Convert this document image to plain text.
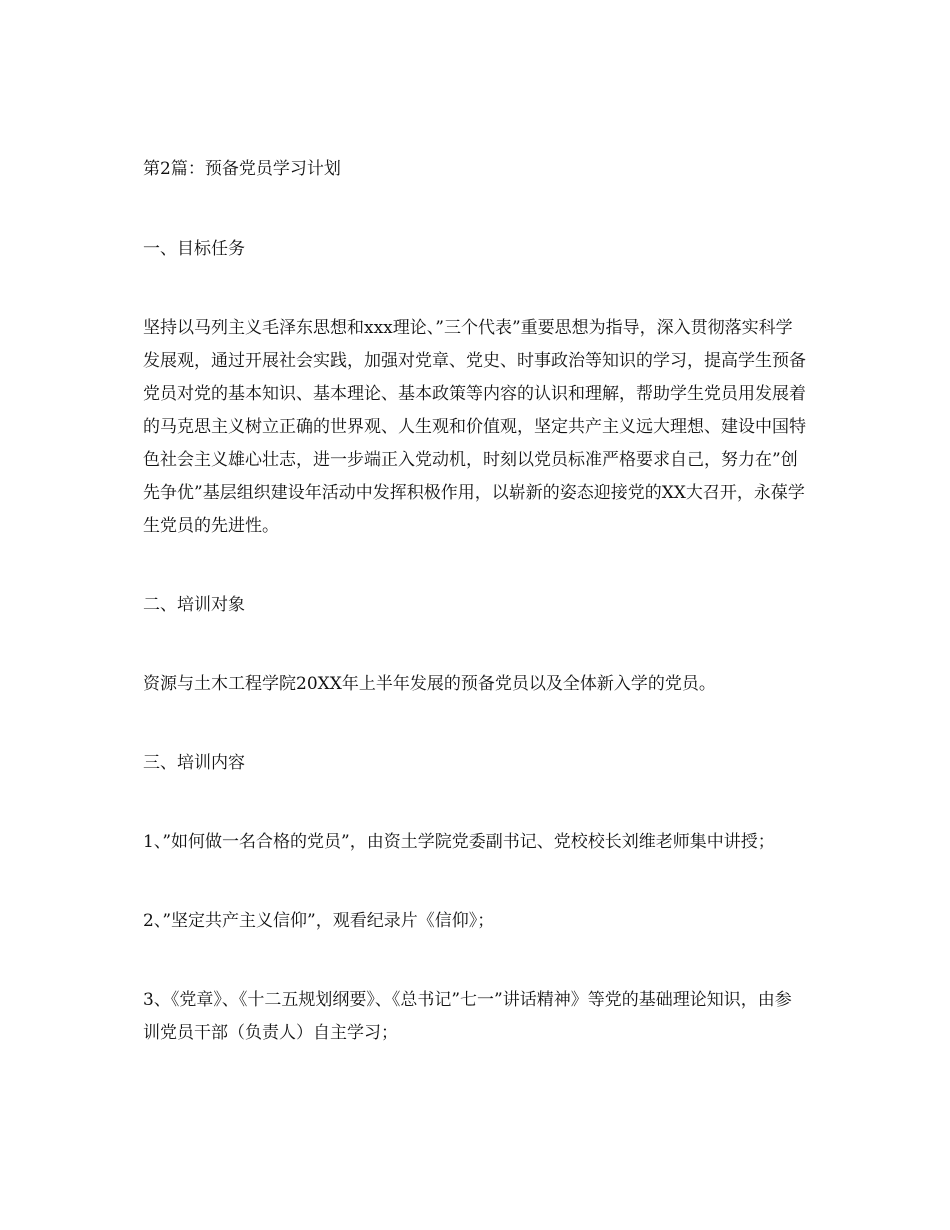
第2篇：预备党员学习计划

一、目标任务

坚持以马列主义毛泽东思想和xxx理论、”三个代表”重要思想为指导，深入贯彻落实科学发展观，通过开展社会实践，加强对党章、党史、时事政治等知识的学习，提高学生预备党员对党的基本知识、基本理论、基本政策等内容的认识和理解，帮助学生党员用发展着的马克思主义树立正确的世界观、人生观和价值观，坚定共产主义远大理想、建设中国特色社会主义雄心壮志，进一步端正入党动机，时刻以党员标准严格要求自己，努力在”创先争优”基层组织建设年活动中发挥积极作用，以崭新的姿态迎接党的XX大召开，永葆学生党员的先进性。

二、培训对象

资源与土木工程学院20XX年上半年发展的预备党员以及全体新入学的党员。

三、培训内容

1、”如何做一名合格的党员”，由资土学院党委副书记、党校校长刘维老师集中讲授；

2、”坚定共产主义信仰”，观看纪录片《信仰》；

3、《党章》、《十二五规划纲要》、《总书记”七一”讲话精神》等党的基础理论知识，由参训党员干部（负责人）自主学习；
